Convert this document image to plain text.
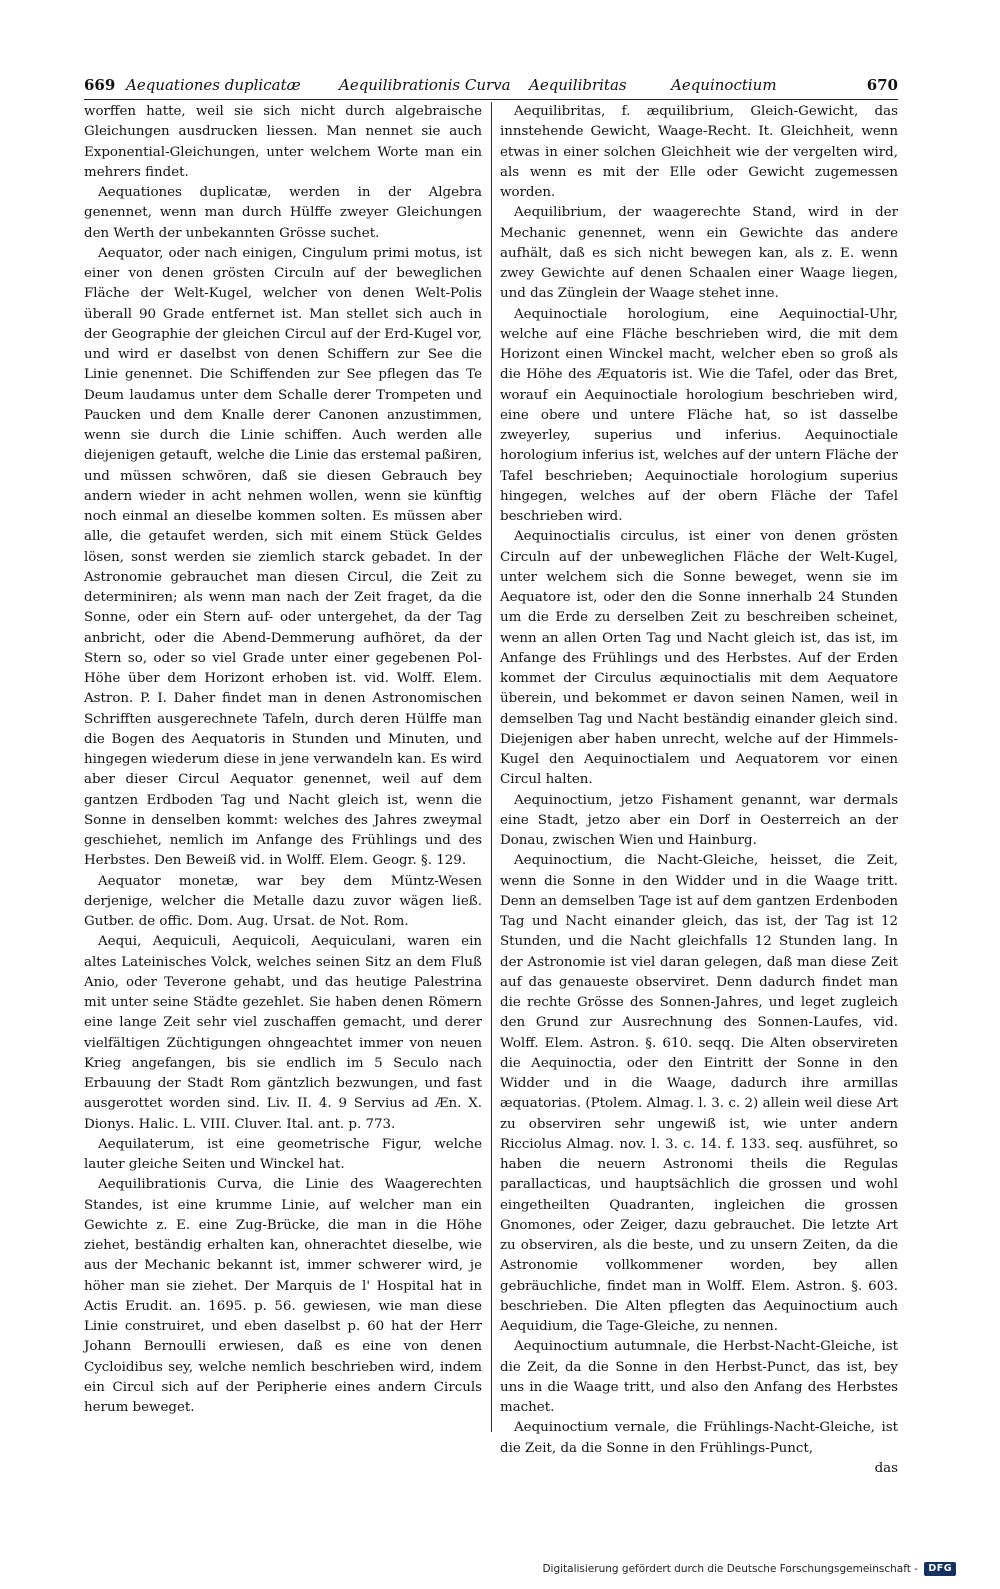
669 Aequationes duplicatæ	Aequilibrationis Curva Aequilibritas	Aequinoctium	670

worffen hatte, weil sie sich nicht durch algebraische Gleichungen ausdrucken liessen. Man nennet sie auch Exponential-Gleichungen, unter welchem Worte man ein mehrers findet.

Aequationes duplicatæ, werden in der Algebra genennet, wenn man durch Hülffe zweyer Gleichungen den Werth der unbekannten Grösse suchet.

Aequator, oder nach einigen, Cingulum primi motus, ist einer von denen grösten Circuln auf der beweglichen Fläche der Welt-Kugel, welcher von denen Welt-Polis überall 90 Grade entfernet ist. Man stellet sich auch in der Geographie der gleichen Circul auf der Erd-Kugel vor, und wird er daselbst von denen Schiffern zur See die Linie genennet. Die Schiffenden zur See pflegen das Te Deum laudamus unter dem Schalle derer Trompeten und Paucken und dem Knalle derer Canonen anzustimmen, wenn sie durch die Linie schiffen. Auch werden alle diejenigen getauft, welche die Linie das erstemal paßiren, und müssen schwören, daß sie diesen Gebrauch bey andern wieder in acht nehmen wollen, wenn sie künftig noch einmal an dieselbe kommen solten. Es müssen aber alle, die getaufet werden, sich mit einem Stück Geldes lösen, sonst werden sie ziemlich starck gebadet. In der Astronomie gebrauchet man diesen Circul, die Zeit zu determiniren; als wenn man nach der Zeit fraget, da die Sonne, oder ein Stern auf- oder untergehet, da der Tag anbricht, oder die Abend-Demmerung aufhöret, da der Stern so, oder so viel Grade unter einer gegebenen Pol-Höhe über dem Horizont erhoben ist. vid. Wolff. Elem. Astron. P. I. Daher findet man in denen Astronomischen Schrifften ausgerechnete Tafeln, durch deren Hülffe man die Bogen des Aequatoris in Stunden und Minuten, und hingegen wiederum diese in jene verwandeln kan. Es wird aber dieser Circul Aequator genennet, weil auf dem gantzen Erdboden Tag und Nacht gleich ist, wenn die Sonne in denselben kommt: welches des Jahres zweymal geschiehet, nemlich im Anfange des Frühlings und des Herbstes. Den Beweiß vid. in Wolff. Elem. Geogr. §. 129.

Aequator monetæ, war bey dem Müntz-Wesen derjenige, welcher die Metalle dazu zuvor wägen ließ. Gutber. de offic. Dom. Aug. Ursat. de Not. Rom.

Aequi, Aequiculi, Aequicoli, Aequiculani, waren ein altes Lateinisches Volck, welches seinen Sitz an dem Fluß Anio, oder Teverone gehabt, und das heutige Palestrina mit unter seine Städte gezehlet. Sie haben denen Römern eine lange Zeit sehr viel zuschaffen gemacht, und derer vielfältigen Züchtigungen ohngeachtet immer von neuen Krieg angefangen, bis sie endlich im 5 Seculo nach Erbauung der Stadt Rom gäntzlich bezwungen, und fast ausgerottet worden sind. Liv. II. 4. 9 Servius ad Æn. X. Dionys. Halic. L. VIII. Cluver. Ital. ant. p. 773.

Aequilaterum, ist eine geometrische Figur, welche lauter gleiche Seiten und Winckel hat.

Aequilibrationis Curva, die Linie des Waagerechten Standes, ist eine krumme Linie, auf welcher man ein Gewichte z. E. eine Zug-Brücke, die man in die Höhe ziehet, beständig erhalten kan, ohnerachtet dieselbe, wie aus der Mechanic bekannt ist, immer schwerer wird, je höher man sie ziehet. Der Marquis de l' Hospital hat in Actis Erudit. an. 1695. p. 56. gewiesen, wie man diese Linie construiret, und eben daselbst p. 60 hat der Herr Johann Bernoulli erwiesen, daß es eine von denen Cycloidibus sey, welche nemlich beschrieben wird, indem ein Circul sich auf der Peripherie eines andern Circuls herum beweget.

Aequilibritas, f. æquilibrium, Gleich-Gewicht, das innstehende Gewicht, Waage-Recht. It. Gleichheit, wenn etwas in einer solchen Gleichheit wie der vergelten wird, als wenn es mit der Elle oder Gewicht zugemessen worden.

Aequilibrium, der waagerechte Stand, wird in der Mechanic genennet, wenn ein Gewichte das andere aufhält, daß es sich nicht bewegen kan, als z. E. wenn zwey Gewichte auf denen Schaalen einer Waage liegen, und das Zünglein der Waage stehet inne.

Aequinoctiale horologium, eine Aequinoctial-Uhr, welche auf eine Fläche beschrieben wird, die mit dem Horizont einen Winckel macht, welcher eben so groß als die Höhe des Æquatoris ist. Wie die Tafel, oder das Bret, worauf ein Aequinoctiale horologium beschrieben wird, eine obere und untere Fläche hat, so ist dasselbe zweyerley, superius und inferius. Aequinoctiale horologium inferius ist, welches auf der untern Fläche der Tafel beschrieben; Aequinoctiale horologium superius hingegen, welches auf der obern Fläche der Tafel beschrieben wird.

Aequinoctialis circulus, ist einer von denen grösten Circuln auf der unbeweglichen Fläche der Welt-Kugel, unter welchem sich die Sonne beweget, wenn sie im Aequatore ist, oder den die Sonne innerhalb 24 Stunden um die Erde zu derselben Zeit zu beschreiben scheinet, wenn an allen Orten Tag und Nacht gleich ist, das ist, im Anfange des Frühlings und des Herbstes. Auf der Erden kommet der Circulus æquinoctialis mit dem Aequatore überein, und bekommet er davon seinen Namen, weil in demselben Tag und Nacht beständig einander gleich sind. Diejenigen aber haben unrecht, welche auf der Himmels-Kugel den Aequinoctialem und Aequatorem vor einen Circul halten.

Aequinoctium, jetzo Fishament genannt, war dermals eine Stadt, jetzo aber ein Dorf in Oesterreich an der Donau, zwischen Wien und Hainburg.

Aequinoctium, die Nacht-Gleiche, heisset, die Zeit, wenn die Sonne in den Widder und in die Waage tritt. Denn an demselben Tage ist auf dem gantzen Erdenboden Tag und Nacht einander gleich, das ist, der Tag ist 12 Stunden, und die Nacht gleichfalls 12 Stunden lang. In der Astronomie ist viel daran gelegen, daß man diese Zeit auf das genaueste observiret. Denn dadurch findet man die rechte Grösse des Sonnen-Jahres, und leget zugleich den Grund zur Ausrechnung des Sonnen-Laufes, vid. Wolff. Elem. Astron. §. 610. seqq. Die Alten observireten die Aequinoctia, oder den Eintritt der Sonne in den Widder und in die Waage, dadurch ihre armillas æquatorias. (Ptolem. Almag. l. 3. c. 2) allein weil diese Art zu observiren sehr ungewiß ist, wie unter andern Ricciolus Almag. nov. l. 3. c. 14. f. 133. seq. ausführet, so haben die neuern Astronomi theils die Regulas parallacticas, und hauptsächlich die grossen und wohl eingetheilten Quadranten, ingleichen die grossen Gnomones, oder Zeiger, dazu gebrauchet. Die letzte Art zu observiren, als die beste, und zu unsern Zeiten, da die Astronomie vollkommener worden, bey allen gebräuchliche, findet man in Wolff. Elem. Astron. §. 603. beschrieben. Die Alten pflegten das Aequinoctium auch Aequidium, die Tage-Gleiche, zu nennen.

Aequinoctium autumnale, die Herbst-Nacht-Gleiche, ist die Zeit, da die Sonne in den Herbst-Punct, das ist, bey uns in die Waage tritt, und also den Anfang des Herbstes machet.

Aequinoctium vernale, die Frühlings-Nacht-Gleiche, ist die Zeit, da die Sonne in den Frühlings-Punct,

das

Digitalisierung gefördert durch die Deutsche Forschungsgemeinschaft - DFG
